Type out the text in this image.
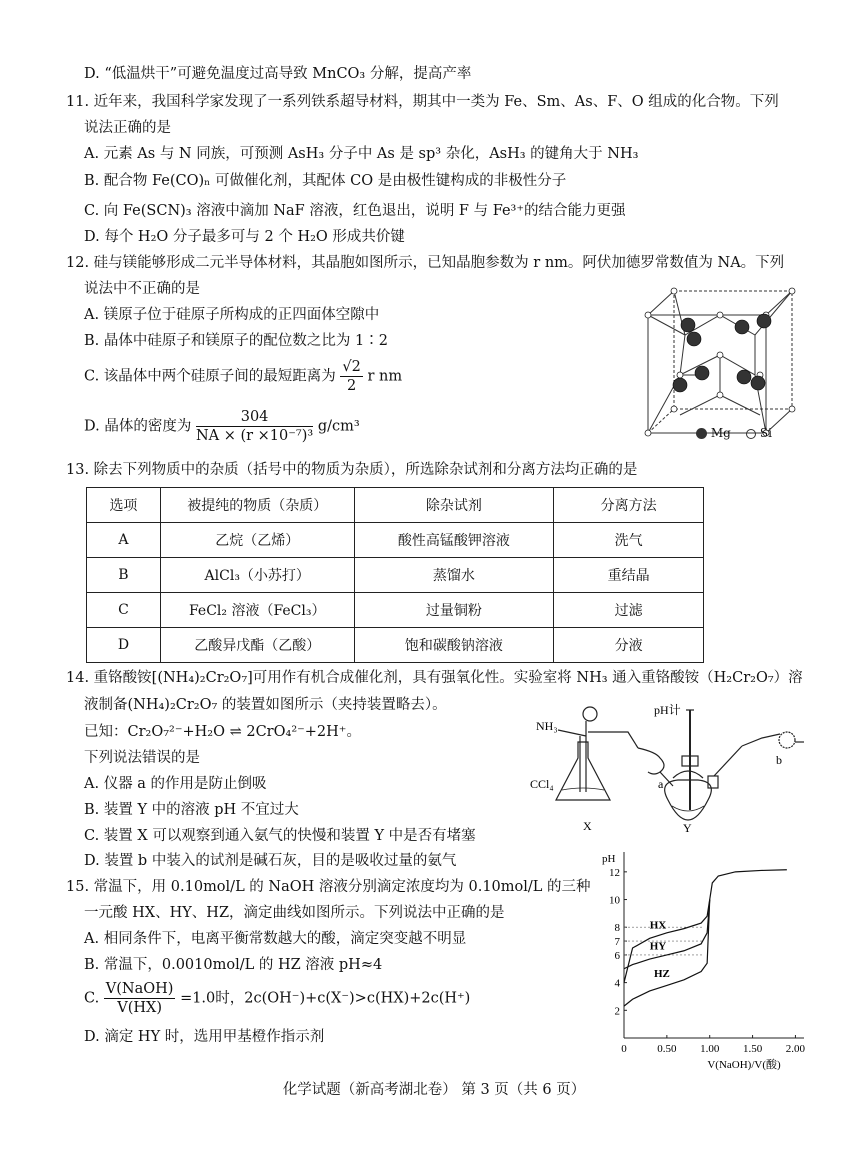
D. “低温烘干”可避免温度过高导致 MnCO₃ 分解，提高产率
11. 近年来，我国科学家发现了一系列铁系超导材料，期其中一类为 Fe、Sm、As、F、O 组成的化合物。下列
说法正确的是
A. 元素 As 与 N 同族，可预测 AsH₃ 分子中 As 是 sp³ 杂化，AsH₃ 的键角大于 NH₃
B. 配合物 Fe(CO)ₙ 可做催化剂，其配体 CO 是由极性键构成的非极性分子
C. 向 Fe(SCN)₃ 溶液中滴加 NaF 溶液，红色退出，说明 F 与 Fe³⁺的结合能力更强
D. 每个 H₂O 分子最多可与 2 个 H₂O 形成共价键
12. 硅与镁能够形成二元半导体材料，其晶胞如图所示，已知晶胞参数为 r nm。阿伏加德罗常数值为 NA。下列
说法中不正确的是
A. 镁原子位于硅原子所构成的正四面体空隙中
B. 晶体中硅原子和镁原子的配位数之比为 1∶2
C. 该晶体中两个硅原子间的最短距离为 $\frac{√2}{2}$ r nm
D. 晶体的密度为 $\frac{304}{\text{NA × (r ×10⁻⁷)³}} g/cm^3$	Mg Si
13. 除去下列物质中的杂质（括号中的物质为杂质），所选除杂试剂和分离方法均正确的是
选项	被提纯的物质（杂质）	除杂试剂	分离方法
A	乙烷（乙烯）	酸性高锰酸钾溶液	洗气
B	AlCl₃（小苏打）	蒸馏水	重结晶
C	FeCl₂ 溶液（FeCl₃）	过量铜粉	过滤
D	乙酸异戊酯（乙酸）	饱和碳酸钠溶液	分液
14. 重铬酸铵[(NH₄)₂Cr₂O₇]可用作有机合成催化剂，具有强氧化性。实验室将 NH₃ 通入重铬酸铵（H₂Cr₂O₇）溶
液制备(NH₄)₂Cr₂O₇ 的装置如图所示（夹持装置略去）。
已知：Cr₂O₇²⁻+H₂O ⇌ 2CrO₄²⁻+2H⁺。
下列说法错误的是
A. 仪器 a 的作用是防止倒吸
B. 装置 Y 中的溶液 pH 不宜过大
C. 装置 X 可以观察到通入氨气的快慢和装置 Y 中是否有堵塞
D. 装置 b 中装入的试剂是碱石灰，目的是吸收过量的氨气
NH₃
CCl₄
pH计
a
b
X	Y
15. 常温下，用 0.10mol/L 的 NaOH 溶液分别滴定浓度均为 0.10mol/L 的三种
一元酸 HX、HY、HZ，滴定曲线如图所示。下列说法中正确的是
A. 相同条件下，电离平衡常数越大的酸，滴定突变越不明显
B. 常温下，0.0010mol/L 的 HZ 溶液 pH≈4
C. $\frac{\text{V(NaOH)}}{V(HX)} =1.0$时，2c(OH⁻)+c(X⁻)>c(HX)+2c(H⁺)
D. 滴定 HY 时，选用甲基橙作指示剂
pH
2
4
6
7
8
10
12
0	0.50 1.00 1.50 2.00
V(NaOH)/V(酸)
HX
HY
HZ
化学试题（新高考湖北卷） 第 3 页（共 6 页）
